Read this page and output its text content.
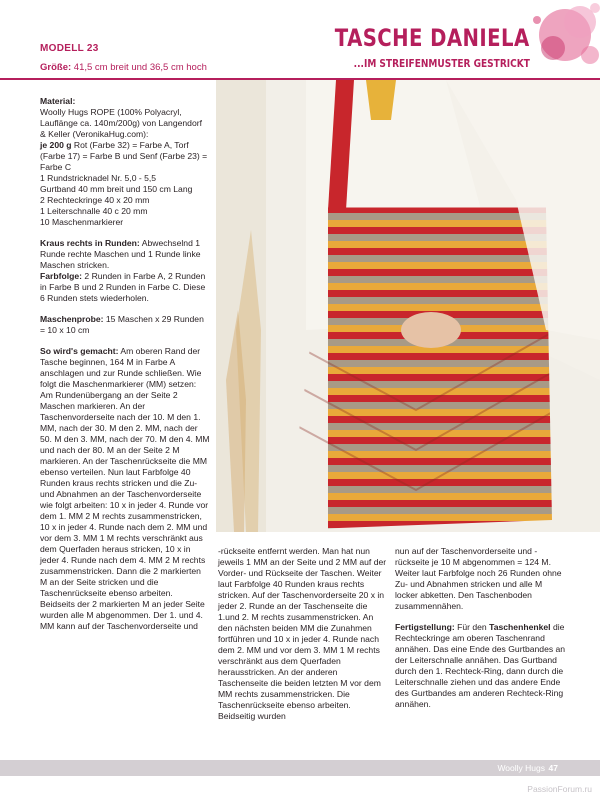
MODELL 23
Größe: 41,5 cm breit und 36,5 cm hoch
TASCHE DANIELA
...IM STREIFENMUSTER GESTRICKT

Material:
Woolly Hugs ROPE (100% Polyacryl, Lauflänge ca. 140m/200g) von Langendorf & Keller (VeronikaHug.com):
je 200 g Rot (Farbe 32) = Farbe A, Torf (Farbe 17) = Farbe B und Senf (Farbe 23) = Farbe C
1 Rundstricknadel Nr. 5,0 - 5,5
Gurtband 40 mm breit und 150 cm Lang
2 Rechteckringe 40 x 20 mm
1 Leiterschnalle 40 c 20 mm
10 Maschenmarkierer

Kraus rechts in Runden: Abwechselnd 1 Runde rechte Maschen und 1 Runde linke Maschen stricken.
Farbfolge: 2 Runden in Farbe A, 2 Runden in Farbe B und 2 Runden in Farbe C. Diese 6 Runden stets wiederholen.

Maschenprobe: 15 Maschen x 29 Runden = 10 x 10 cm

So wird's gemacht: Am oberen Rand der Tasche beginnen, 164 M in Farbe A anschlagen und zur Runde schließen. Wie folgt die Maschenmarkierer (MM) setzen: Am Rundenübergang an der Seite 2 Maschen markieren. An der Taschenvorderseite nach der 10. M den 1. MM, nach der 30. M den 2. MM, nach der 50. M den 3. MM, nach der 70. M den 4. MM und nach der 80. M an der Seite 2 M markieren. An der Taschenrückseite die MM ebenso verteilen. Nun laut Farbfolge 40 Runden kraus rechts stricken und die Zu- und Abnahmen an der Taschenvorderseite wie folgt arbeiten: 10 x in jeder 4. Runde vor dem 1. MM 2 M rechts zusammenstricken, 10 x in jeder 4. Runde nach dem 2. MM und vor dem 3. MM 1 M rechts verschränkt aus dem Querfaden heraus stricken, 10 x in jeder 4. Runde nach dem 4. MM 2 M rechts zusammenstricken. Dann die 2 markierten M an der Seite stricken und die Taschenrückseite ebenso arbeiten. Beidseits der 2 markierten M an jeder Seite wurden alle M abgenommen. Der 1. und 4. MM kann auf der Taschenvorderseite und

-rückseite entfernt werden. Man hat nun jeweils 1 MM an der Seite und 2 MM auf der Vorder- und Rückseite der Taschen. Weiter laut Farbfolge 40 Runden kraus rechts stricken. Auf der Taschenvorderseite 20 x in jeder 2. Runde an der Taschenseite die 1.und 2. M rechts zusammenstricken. An den nächsten beiden MM die Zunahmen fortführen und 10 x in jeder 4. Runde nach dem 2. MM und vor dem 3. MM 1 M rechts verschränkt aus dem Querfaden herausstricken. An der anderen Taschenseite die beiden letzten M vor dem MM rechts zusammenstricken. Die Taschenrückseite ebenso arbeiten. Beidseitig wurden

nun auf der Taschenvorderseite und -rückseite je 10 M abgenommen = 124 M. Weiter laut Farbfolge noch 26 Runden ohne Zu- und Abnahmen stricken und alle M locker abketten. Den Taschenboden zusammennähen.

Fertigstellung: Für den Taschenhenkel die Rechteckringe am oberen Taschenrand annähen. Das eine Ende des Gurtbandes an der Leiterschnalle annähen. Das Gurtband durch den 1. Rechteck-Ring, dann durch die Leiterschnalle ziehen und das andere Ende des Gurtbandes am anderen Rechteck-Ring annähen.

Woolly Hugs 47
PassionForum.ru
